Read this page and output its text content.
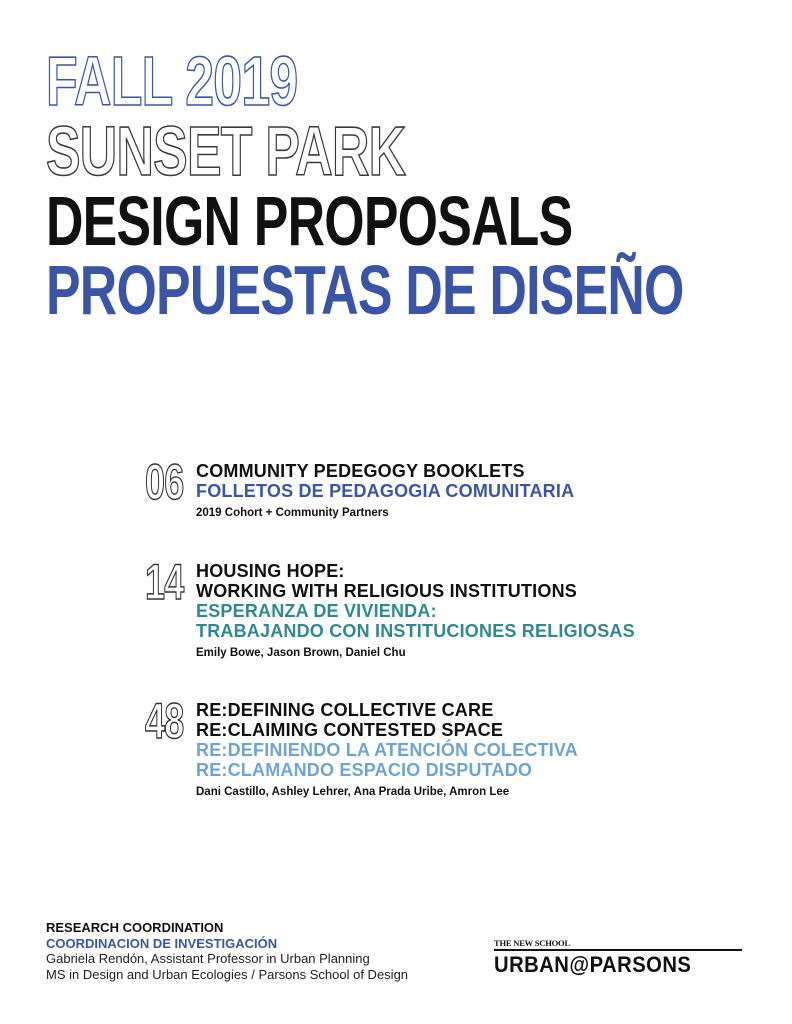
FALL 2019
SUNSET PARK
DESIGN PROPOSALS
PROPUESTAS DE DISEÑO
06 COMMUNITY PEDEGOGY BOOKLETS

FOLLETOS DE PEDAGOGIA COMUNITARIA

2019 Cohort + Community Partners
14 HOUSING HOPE:

WORKING WITH RELIGIOUS INSTITUTIONS

ESPERANZA DE VIVIENDA:

TRABAJANDO CON INSTITUCIONES RELIGIOSAS

Emily Bowe, Jason Brown, Daniel Chu
48 RE:DEFINING COLLECTIVE CARE

RE:CLAIMING CONTESTED SPACE

RE:DEFINIENDO LA ATENCIÓN COLECTIVA

RE:CLAMANDO ESPACIO DISPUTADO

Dani Castillo, Ashley Lehrer, Ana Prada Uribe, Amron Lee

RESEARCH COORDINATION

COORDINACION DE INVESTIGACIÓN

Gabriela Rendón, Assistant Professor in Urban Planning

MS in Design and Urban Ecologies / Parsons School of Design

THE NEW SCHOOL
URBAN@PARSONS
